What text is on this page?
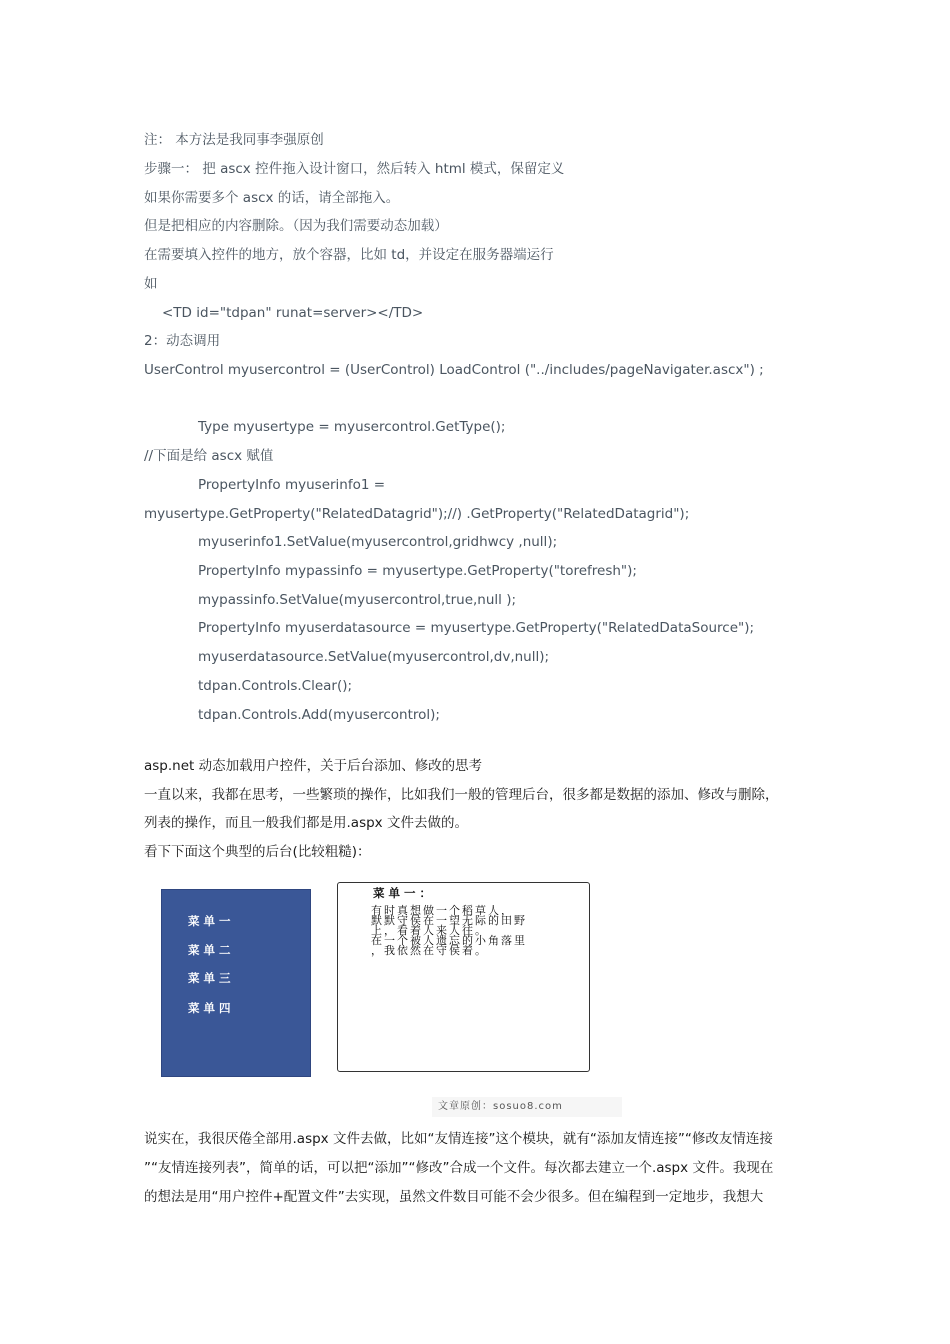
注： 本方法是我同事李强原创

步骤一： 把 ascx 控件拖入设计窗口，然后转入 html 模式，保留定义

如果你需要多个 ascx 的话，请全部拖入。

但是把相应的内容删除。（因为我们需要动态加载）

在需要填入控件的地方，放个容器，比如 td，并设定在服务器端运行

如

<TD id="tdpan" runat=server></TD>

2：动态调用

UserControl myusercontrol = (UserControl) LoadControl ("../includes/pageNavigater.ascx") ;

Type myusertype = myusercontrol.GetType();

//下面是给 ascx 赋值

PropertyInfo myuserinfo1 =

myusertype.GetProperty("RelatedDatagrid");//) .GetProperty("RelatedDatagrid");

myuserinfo1.SetValue(myusercontrol,gridhwcy ,null);

PropertyInfo mypassinfo = myusertype.GetProperty("torefresh");

mypassinfo.SetValue(myusercontrol,true,null );

PropertyInfo myuserdatasource = myusertype.GetProperty("RelatedDataSource");

myuserdatasource.SetValue(myusercontrol,dv,null);

tdpan.Controls.Clear();

tdpan.Controls.Add(myusercontrol);

asp.net 动态加载用户控件，关于后台添加、修改的思考

一直以来，我都在思考，一些繁琐的操作，比如我们一般的管理后台，很多都是数据的添加、修改与删除，

列表的操作，而且一般我们都是用.aspx 文件去做的。

看下下面这个典型的后台(比较粗糙)：

菜单一
菜单二
菜单三
菜单四
菜单一：
有时真想做一个稻草人，
默默守侯在一望无际的田野
上，看着人来人往。
在一个被人遗忘的小角落里
，我依然在守侯着。
文章原创：sosuo8.com

说实在，我很厌倦全部用.aspx 文件去做，比如“友情连接”这个模块，就有“添加友情连接”“修改友情连接

”“友情连接列表”，简单的话，可以把“添加”“修改”合成一个文件。每次都去建立一个.aspx 文件。我现在

的想法是用“用户控件+配置文件”去实现，虽然文件数目可能不会少很多。但在编程到一定地步，我想大
